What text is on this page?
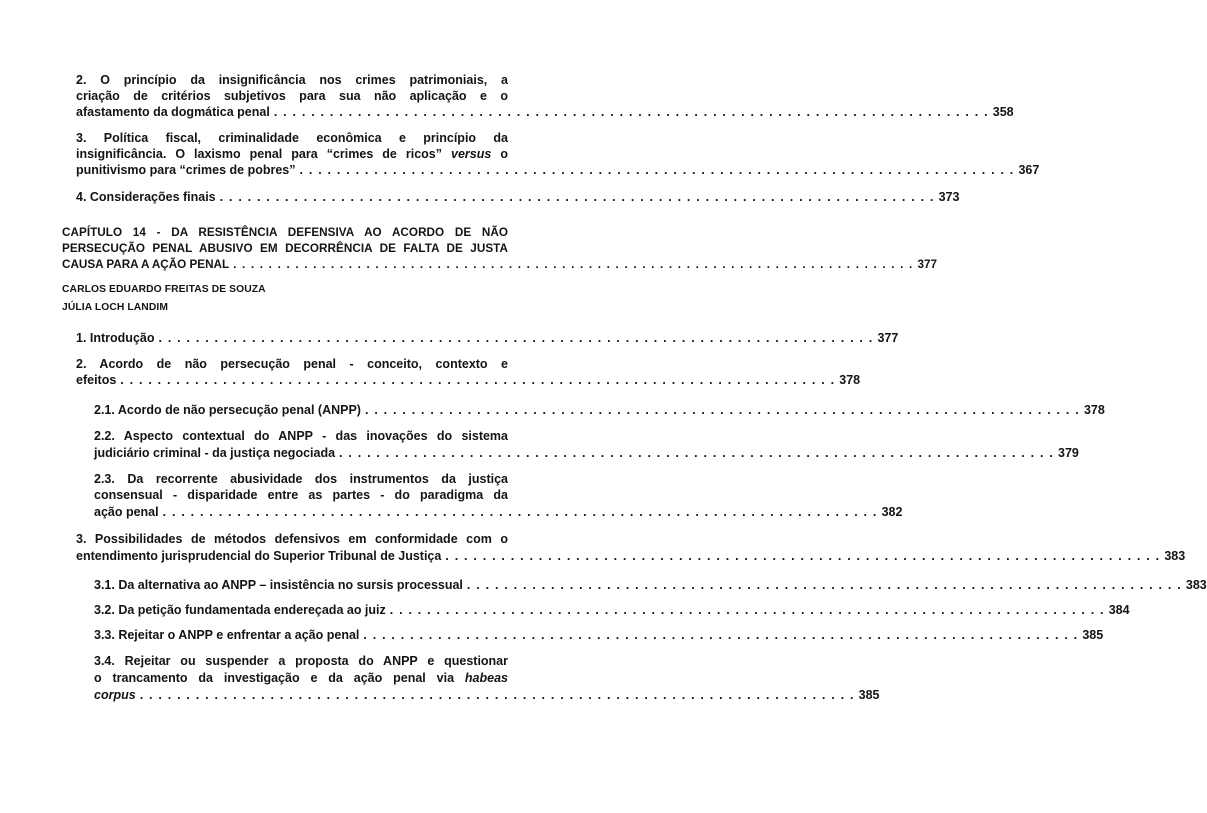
2. O princípio da insignificância nos crimes patrimoniais, a
criação de critérios subjetivos para sua não aplicação e o
afastamento da dogmática penal . . . . . . . . . . . . . . . . . . . . . . . . . . . . . . . . . . . . . . . . . . . . . . . . . . . . . . . . . . . . . . . . . . . . . . . . . . . . . 358
3. Política fiscal, criminalidade econômica e princípio da
insignificância. O laxismo penal para “crimes de ricos” versus o
punitivismo para “crimes de pobres” . . . . . . . . . . . . . . . . . . . . . . . . . . . . . . . . . . . . . . . . . . . . . . . . . . . . . . . . . . . . . . . . . . . . . . . . . . . . . 367
4. Considerações finais . . . . . . . . . . . . . . . . . . . . . . . . . . . . . . . . . . . . . . . . . . . . . . . . . . . . . . . . . . . . . . . . . . . . . . . . . . . . . 373
CAPÍTULO 14 - DA RESISTÊNCIA DEFENSIVA AO ACORDO DE NÃO
PERSECUÇÃO PENAL ABUSIVO EM DECORRÊNCIA DE FALTA DE JUSTA
CAUSA PARA A AÇÃO PENAL . . . . . . . . . . . . . . . . . . . . . . . . . . . . . . . . . . . . . . . . . . . . . . . . . . . . . . . . . . . . . . . . . . . . . . . . . . . . . 377
CARLOS EDUARDO FREITAS DE SOUZA
JÚLIA LOCH LANDIM
1. Introdução . . . . . . . . . . . . . . . . . . . . . . . . . . . . . . . . . . . . . . . . . . . . . . . . . . . . . . . . . . . . . . . . . . . . . . . . . . . . . 377
2. Acordo de não persecução penal - conceito, contexto e
efeitos . . . . . . . . . . . . . . . . . . . . . . . . . . . . . . . . . . . . . . . . . . . . . . . . . . . . . . . . . . . . . . . . . . . . . . . . . . . . . 378
2.1. Acordo de não persecução penal (ANPP) . . . . . . . . . . . . . . . . . . . . . . . . . . . . . . . . . . . . . . . . . . . . . . . . . . . . . . . . . . . . . . . . . . . . . . . . . . . . . 378
2.2. Aspecto contextual do ANPP - das inovações do sistema
judiciário criminal - da justiça negociada . . . . . . . . . . . . . . . . . . . . . . . . . . . . . . . . . . . . . . . . . . . . . . . . . . . . . . . . . . . . . . . . . . . . . . . . . . . . . 379
2.3. Da recorrente abusividade dos instrumentos da justiça
consensual - disparidade entre as partes - do paradigma da
ação penal . . . . . . . . . . . . . . . . . . . . . . . . . . . . . . . . . . . . . . . . . . . . . . . . . . . . . . . . . . . . . . . . . . . . . . . . . . . . . 382
3. Possibilidades de métodos defensivos em conformidade com o
entendimento jurisprudencial do Superior Tribunal de Justiça . . . . . . . . . . . . . . . . . . . . . . . . . . . . . . . . . . . . . . . . . . . . . . . . . . . . . . . . . . . . . . . . . . . . . . . . . . . . . 383
3.1. Da alternativa ao ANPP – insistência no sursis processual . . . . . . . . . . . . . . . . . . . . . . . . . . . . . . . . . . . . . . . . . . . . . . . . . . . . . . . . . . . . . . . . . . . . . . . . . . . . . 383
3.2. Da petição fundamentada endereçada ao juiz . . . . . . . . . . . . . . . . . . . . . . . . . . . . . . . . . . . . . . . . . . . . . . . . . . . . . . . . . . . . . . . . . . . . . . . . . . . . . 384
3.3. Rejeitar o ANPP e enfrentar a ação penal . . . . . . . . . . . . . . . . . . . . . . . . . . . . . . . . . . . . . . . . . . . . . . . . . . . . . . . . . . . . . . . . . . . . . . . . . . . . . 385
3.4. Rejeitar ou suspender a proposta do ANPP e questionar
o trancamento da investigação e da ação penal via habeas
corpus . . . . . . . . . . . . . . . . . . . . . . . . . . . . . . . . . . . . . . . . . . . . . . . . . . . . . . . . . . . . . . . . . . . . . . . . . . . . . 385
